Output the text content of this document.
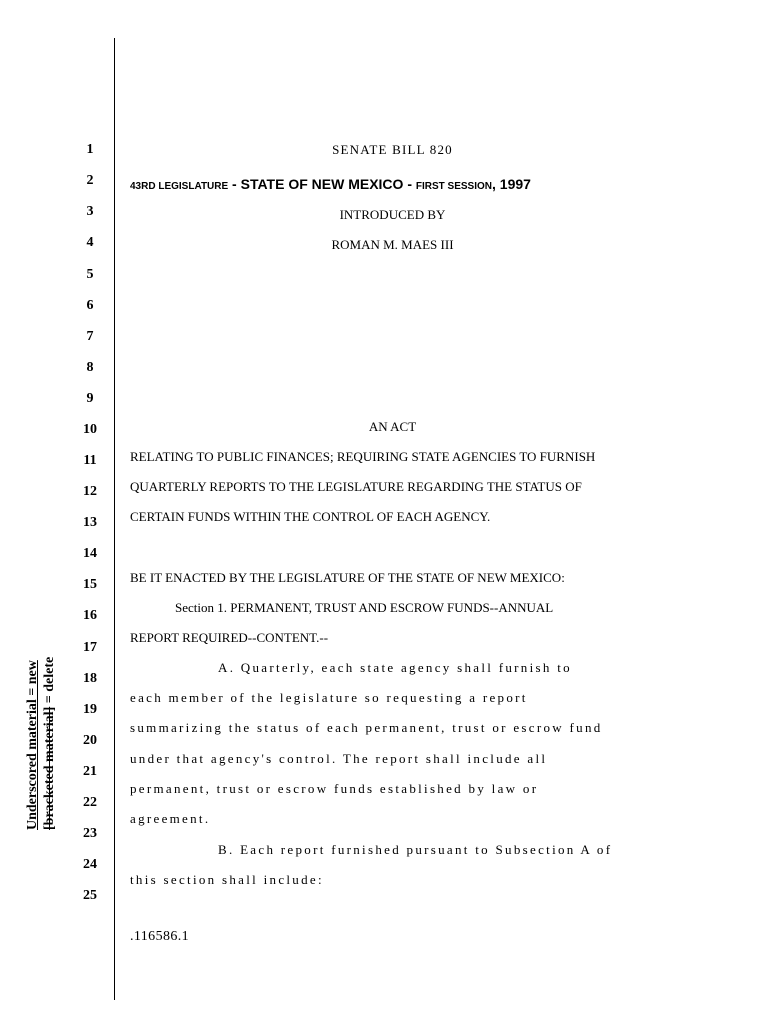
1
2
3
4
5
6
7
8
9
10
11
12
13
14
15
16
17
18
19
20
21
22
23
24
25
SENATE BILL 820
43RD LEGISLATURE - STATE OF NEW MEXICO - FIRST SESSION, 1997
INTRODUCED BY
ROMAN M. MAES III
AN ACT
RELATING TO PUBLIC FINANCES; REQUIRING STATE AGENCIES TO FURNISH
QUARTERLY REPORTS TO THE LEGISLATURE REGARDING THE STATUS OF
CERTAIN FUNDS WITHIN THE CONTROL OF EACH AGENCY.
BE IT ENACTED BY THE LEGISLATURE OF THE STATE OF NEW MEXICO:
Section 1. PERMANENT, TRUST AND ESCROW FUNDS--ANNUAL
REPORT REQUIRED--CONTENT.--
A. Quarterly, each state agency shall furnish to
each member of the legislature so requesting a report
summarizing the status of each permanent, trust or escrow fund
under that agency's control. The report shall include all
permanent, trust or escrow funds established by law or
agreement.
B. Each report furnished pursuant to Subsection A of
this section shall include:
.116586.1
Underscored material = new [bracketed material] = delete
